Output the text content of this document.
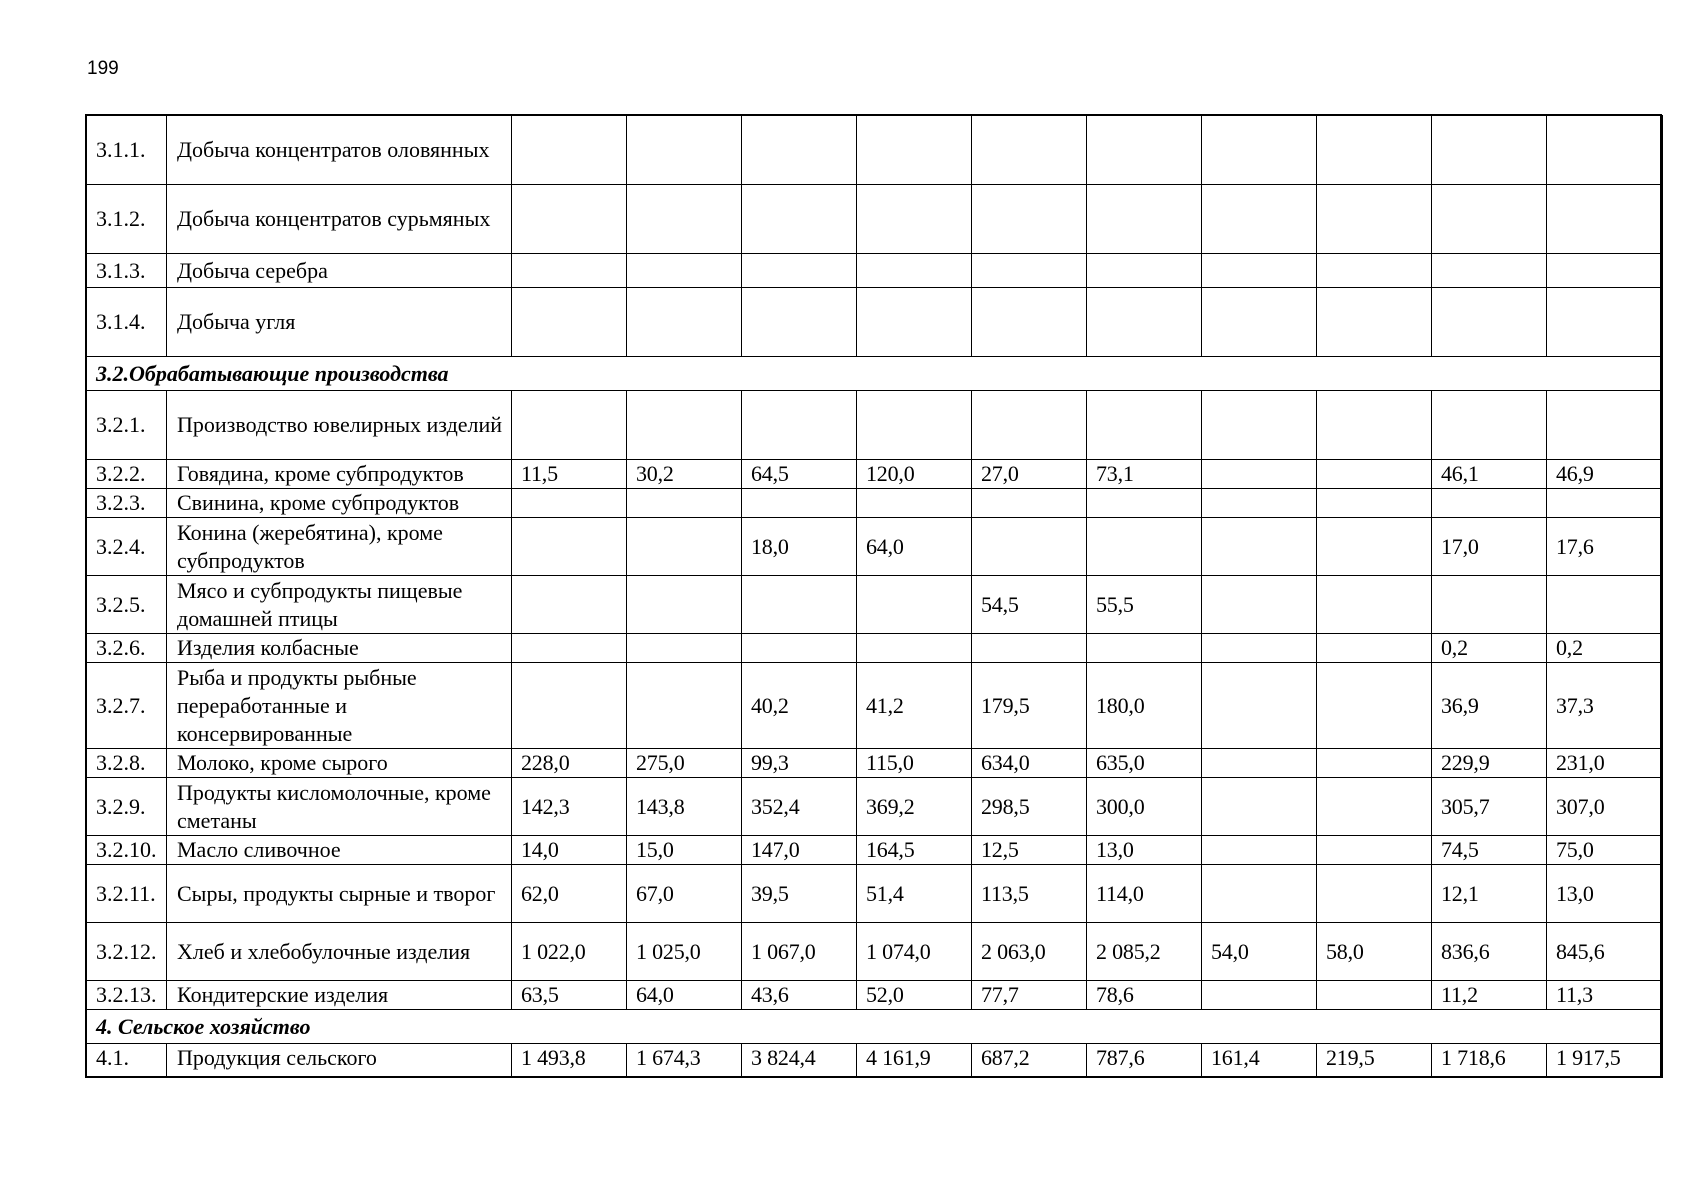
199
3.1.1.	Добыча концентратов оловянных										
3.1.2.	Добыча концентратов сурьмяных										
3.1.3.	Добыча серебра										
3.1.4.	Добыча угля										
3.2.Обрабатывающие производства											
3.2.1.	Производство ювелирных изделий										
3.2.2.	Говядина, кроме субпродуктов	11,5	30,2	64,5	120,0	27,0	73,1			46,1	46,9
3.2.3.	Свининa, кроме субпродуктов										
3.2.4.	Конина (жеребятина), кроме субпродуктов			18,0	64,0					17,0	17,6
3.2.5.	Мясо и субпродукты пищевые домашней птицы					54,5	55,5				
3.2.6.	Изделия колбасные									0,2	0,2
3.2.7.	Рыба и продукты рыбные переработанные и консервированные			40,2	41,2	179,5	180,0			36,9	37,3
3.2.8.	Молоко, кроме сырого	228,0	275,0	99,3	115,0	634,0	635,0			229,9	231,0
3.2.9.	Продукты кисломолочные, кроме сметаны	142,3	143,8	352,4	369,2	298,5	300,0			305,7	307,0
3.2.10.	Масло сливочное	14,0	15,0	147,0	164,5	12,5	13,0			74,5	75,0
3.2.11.	Сыры, продукты сырные и творог	62,0	67,0	39,5	51,4	113,5	114,0			12,1	13,0
3.2.12.	Хлеб и хлебобулочные изделия	1 022,0	1 025,0	1 067,0	1 074,0	2 063,0	2 085,2	54,0	58,0	836,6	845,6
3.2.13.	Кондитерские изделия	63,5	64,0	43,6	52,0	77,7	78,6			11,2	11,3
4. Сельское хозяйство											
4.1.	Продукция сельского	1 493,8	1 674,3	3 824,4	4 161,9	687,2	787,6	161,4	219,5	1 718,6	1 917,5
